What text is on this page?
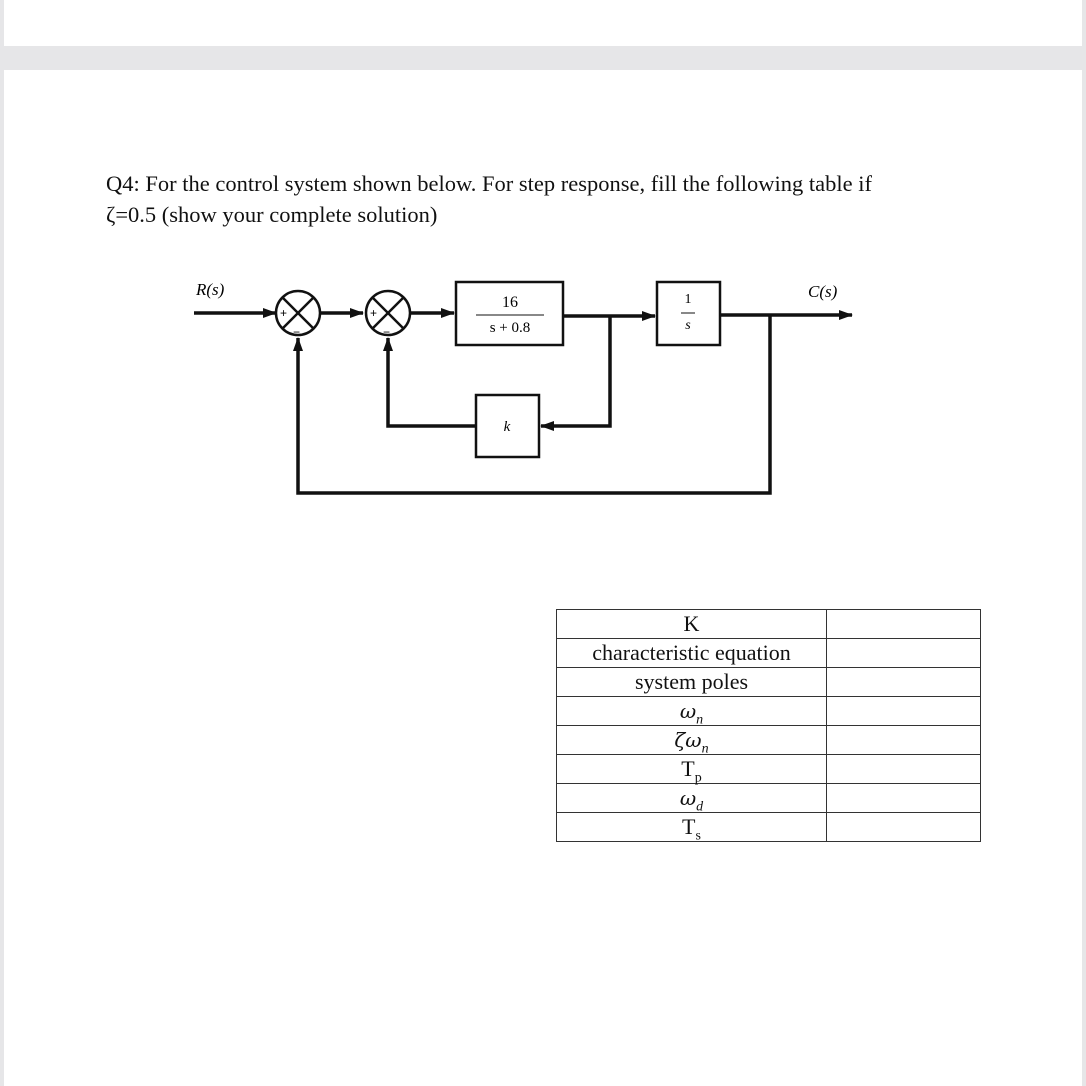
Q4: For the control system shown below. For step response, fill the following table if
ζ=0.5 (show your complete solution)

R(s)	C(s)
+
−
+
−
16
s + 0.8
1
s
k
K	
characteristic equation	
system poles	
$\omega_n$	
$\zeta\omega_n$	
$T_p$	
$\omega_d$	
$T_s$	
